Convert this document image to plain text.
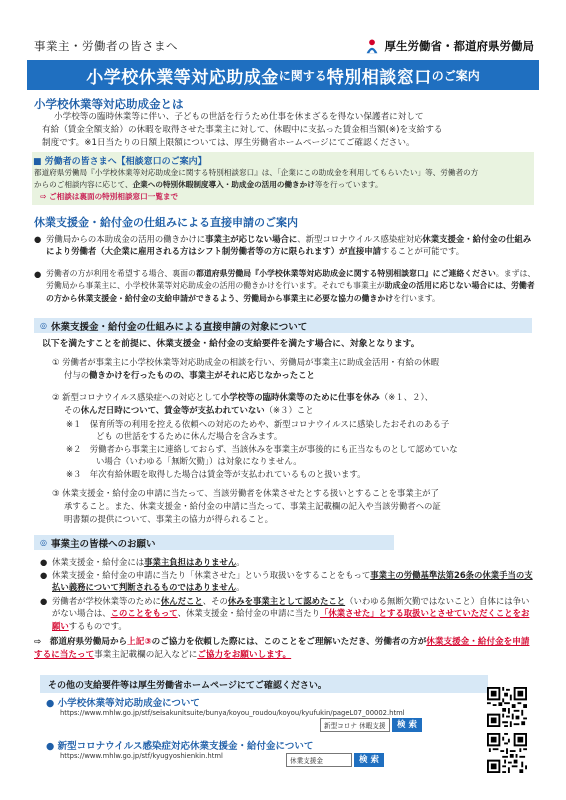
事業主・労働者の皆さまへ	厚生労働省・都道府県労働局
小学校休業等対応助成金 に関する 特別相談窓口 のご案内
小学校休業等対応助成金とは
小学校等の臨時休業等に伴い、子どもの世話を行うため仕事を休まざるを得ない保護者に対して
有給（賃金全額支給）の休暇を取得させた事業主に対して、休暇中に支払った賃金相当額(※)を支給する
制度です。※1日当たりの日額上限額については、厚生労働省ホームページにてご確認ください。
■ 労働者の皆さまへ【相談窓口のご案内】
都道府県労働局『小学校休業等対応助成金に関する特別相談窓口』は、「企業にこの助成金を利用してもらいたい」等、労働者の方
からのご相談内容に応じて、企業への特別休暇制度導入・助成金の活用の働きかけ等を行っています。
⇨ ご相談は裏面の特別相談窓口一覧まで
休業支援金・給付金の仕組みによる直接申請のご案内
● 労働局からの本助成金の活用の働きかけに事業主が応じない場合に、新型コロナウイルス感染症対応休業支援金・給付金の仕組みにより労働者（大企業に雇用される方はシフト制労働者等の方に限られます）が直接申請することが可能です。
● 労働者の方が利用を希望する場合、裏面の都道府県労働局『小学校休業等対応助成金に関する特別相談窓口』にご連絡ください。まずは、労働局から事業主に、小学校休業等対応助成金の活用の働きかけを行います。それでも事業主が助成金の活用に応じない場合には、労働者の方から休業支援金・給付金の支給申請ができるよう、労働局から事業主に必要な協力の働きかけを行います。
◎ 休業支援金・給付金の仕組みによる直接申請の対象について
以下を満たすことを前提に、休業支援金・給付金の支給要件を満たす場合に、対象となります。
① 労働者が事業主に小学校休業等対応助成金の相談を行い、労働局が事業主に助成金活用・有給の休暇
付与の働きかけを行ったものの、事業主がそれに応じなかったこと
② 新型コロナウイルス感染症への対応として小学校等の臨時休業等のために仕事を休み（※１、２）、
その休んだ日時について、賃金等が支払われていない（※３）こと
※１　保育所等の利用を控える依頼への対応のためや、新型コロナウイルスに感染したおそれのある子
ども の世話をするために休んだ場合を含みます。
※２　労働者から事業主に連絡しておらず、当該休みを事業主が事後的にも正当なものとして認めていな
い場合（いわゆる「無断欠勤」）は対象になりません。
※３　年次有給休暇を取得した場合は賃金等が支払われているものと扱います。
③ 休業支援金・給付金の申請に当たって、当該労働者を休業させたとする扱いとすることを事業主が了
承すること。また、休業支援金・給付金の申請に当たって、事業主記載欄の記入や当該労働者への証
明書類の提供について、事業主の協力が得られること。
◎ 事業主の皆様へのお願い
● 休業支援金・給付金には事業主負担はありません。
● 休業支援金・給付金の申請に当たり「休業させた」という取扱いをすることをもって事業主の労働基準法第26条の休業手当の支払い義務について判断されるものではありません。
● 労働者が学校休業等のために休んだこと、その休みを事業主として認めたこと（いわゆる無断欠勤ではないこと）自体には争いがない場合は、このことをもって、休業支援金・給付金の申請に当たり「休業させた」とする取扱いとさせていただくことをお願いするものです。
⇨　都道府県労働局から上記③のご協力を依頼した際には、このことをご理解いただき、労働者の方が休業支援金・給付金を申請するに当たって事業主記載欄の記入などにご協力をお願いします。
その他の支給要件等は厚生労働省ホームページにてご確認ください。
● 小学校休業等対応助成金について
https://www.mhlw.go.jp/stf/seisakunitsuite/bunya/koyou_roudou/koyou/kyufukin/pageL07_00002.html
新型コロナ 休暇支援	検 索
● 新型コロナウイルス感染症対応休業支援金・給付金について
https://www.mhlw.go.jp/stf/kyugyoshienkin.html
休業支援金	検 索
